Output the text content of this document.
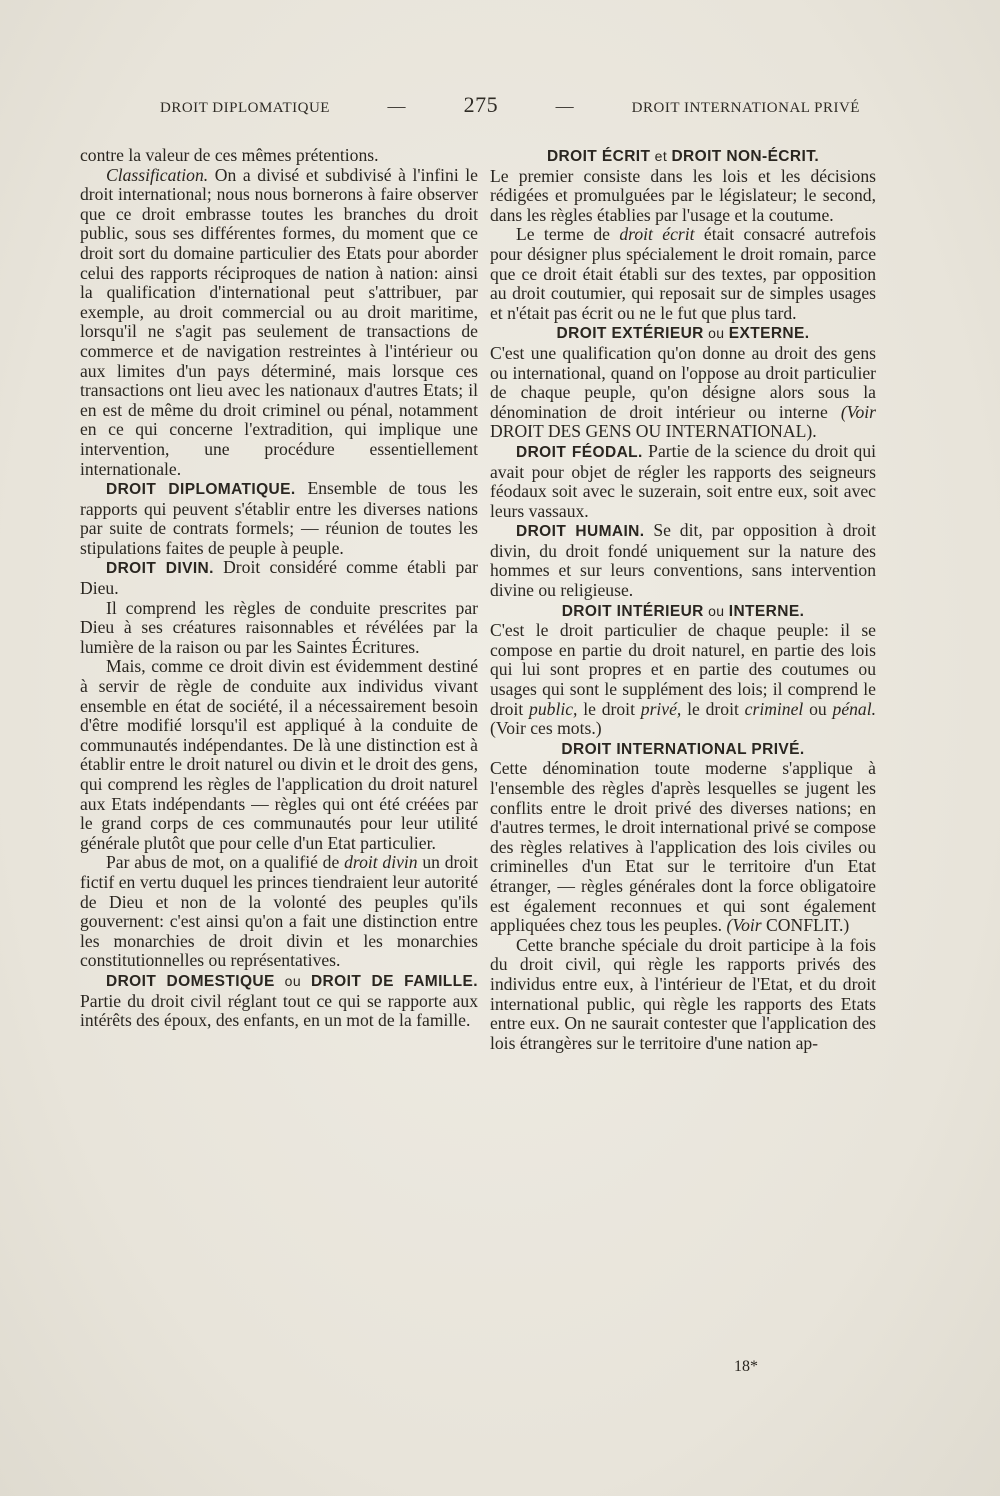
DROIT DIPLOMATIQUE	—	275	—	DROIT INTERNATIONAL PRIVÉ

contre la valeur de ces mêmes prétentions.

Classification. On a divisé et subdivisé à l'infini le droit international; nous nous bornerons à faire observer que ce droit embrasse toutes les branches du droit public, sous ses différentes formes, du moment que ce droit sort du domaine particulier des Etats pour aborder celui des rapports réciproques de nation à nation: ainsi la qualification d'international peut s'attribuer, par exemple, au droit commercial ou au droit maritime, lorsqu'il ne s'agit pas seulement de transactions de commerce et de navigation restreintes à l'intérieur ou aux limites d'un pays déterminé, mais lorsque ces transactions ont lieu avec les nationaux d'autres Etats; il en est de même du droit criminel ou pénal, notamment en ce qui concerne l'extradition, qui implique une intervention, une procédure essentiellement internationale.

DROIT DIPLOMATIQUE. Ensemble de tous les rapports qui peuvent s'établir entre les diverses nations par suite de contrats formels; — réunion de toutes les stipulations faites de peuple à peuple.

DROIT DIVIN. Droit considéré comme établi par Dieu.

Il comprend les règles de conduite prescrites par Dieu à ses créatures raisonnables et révélées par la lumière de la raison ou par les Saintes Écritures.

Mais, comme ce droit divin est évidemment destiné à servir de règle de conduite aux individus vivant ensemble en état de société, il a nécessairement besoin d'être modifié lorsqu'il est appliqué à la conduite de communautés indépendantes. De là une distinction est à établir entre le droit naturel ou divin et le droit des gens, qui comprend les règles de l'application du droit naturel aux Etats indépendants — règles qui ont été créées par le grand corps de ces communautés pour leur utilité générale plutôt que pour celle d'un Etat particulier.

Par abus de mot, on a qualifié de droit divin un droit fictif en vertu duquel les princes tiendraient leur autorité de Dieu et non de la volonté des peuples qu'ils gouvernent: c'est ainsi qu'on a fait une distinction entre les monarchies de droit divin et les monarchies constitutionnelles ou représentatives.

DROIT DOMESTIQUE ou DROIT DE FAMILLE. Partie du droit civil réglant tout ce qui se rapporte aux intérêts des époux, des enfants, en un mot de la famille.

DROIT ÉCRIT et DROIT NON-ÉCRIT.

Le premier consiste dans les lois et les décisions rédigées et promulguées par le législateur; le second, dans les règles établies par l'usage et la coutume.

Le terme de droit écrit était consacré autrefois pour désigner plus spécialement le droit romain, parce que ce droit était établi sur des textes, par opposition au droit coutumier, qui reposait sur de simples usages et n'était pas écrit ou ne le fut que plus tard.

DROIT EXTÉRIEUR ou EXTERNE.

C'est une qualification qu'on donne au droit des gens ou international, quand on l'oppose au droit particulier de chaque peuple, qu'on désigne alors sous la dénomination de droit intérieur ou interne (Voir DROIT DES GENS OU INTERNATIONAL).

DROIT FÉODAL. Partie de la science du droit qui avait pour objet de régler les rapports des seigneurs féodaux soit avec le suzerain, soit entre eux, soit avec leurs vassaux.

DROIT HUMAIN. Se dit, par opposition à droit divin, du droit fondé uniquement sur la nature des hommes et sur leurs conventions, sans intervention divine ou religieuse.

DROIT INTÉRIEUR ou INTERNE.

C'est le droit particulier de chaque peuple: il se compose en partie du droit naturel, en partie des lois qui lui sont propres et en partie des coutumes ou usages qui sont le supplément des lois; il comprend le droit public, le droit privé, le droit criminel ou pénal. (Voir ces mots.)

DROIT INTERNATIONAL PRIVÉ.

Cette dénomination toute moderne s'applique à l'ensemble des règles d'après lesquelles se jugent les conflits entre le droit privé des diverses nations; en d'autres termes, le droit international privé se compose des règles relatives à l'application des lois civiles ou criminelles d'un Etat sur le territoire d'un Etat étranger, — règles générales dont la force obligatoire est également reconnues et qui sont également appliquées chez tous les peuples. (Voir CONFLIT.)

Cette branche spéciale du droit participe à la fois du droit civil, qui règle les rapports privés des individus entre eux, à l'intérieur de l'Etat, et du droit international public, qui règle les rapports des Etats entre eux. On ne saurait contester que l'application des lois étrangères sur le territoire d'une nation ap-

18*
